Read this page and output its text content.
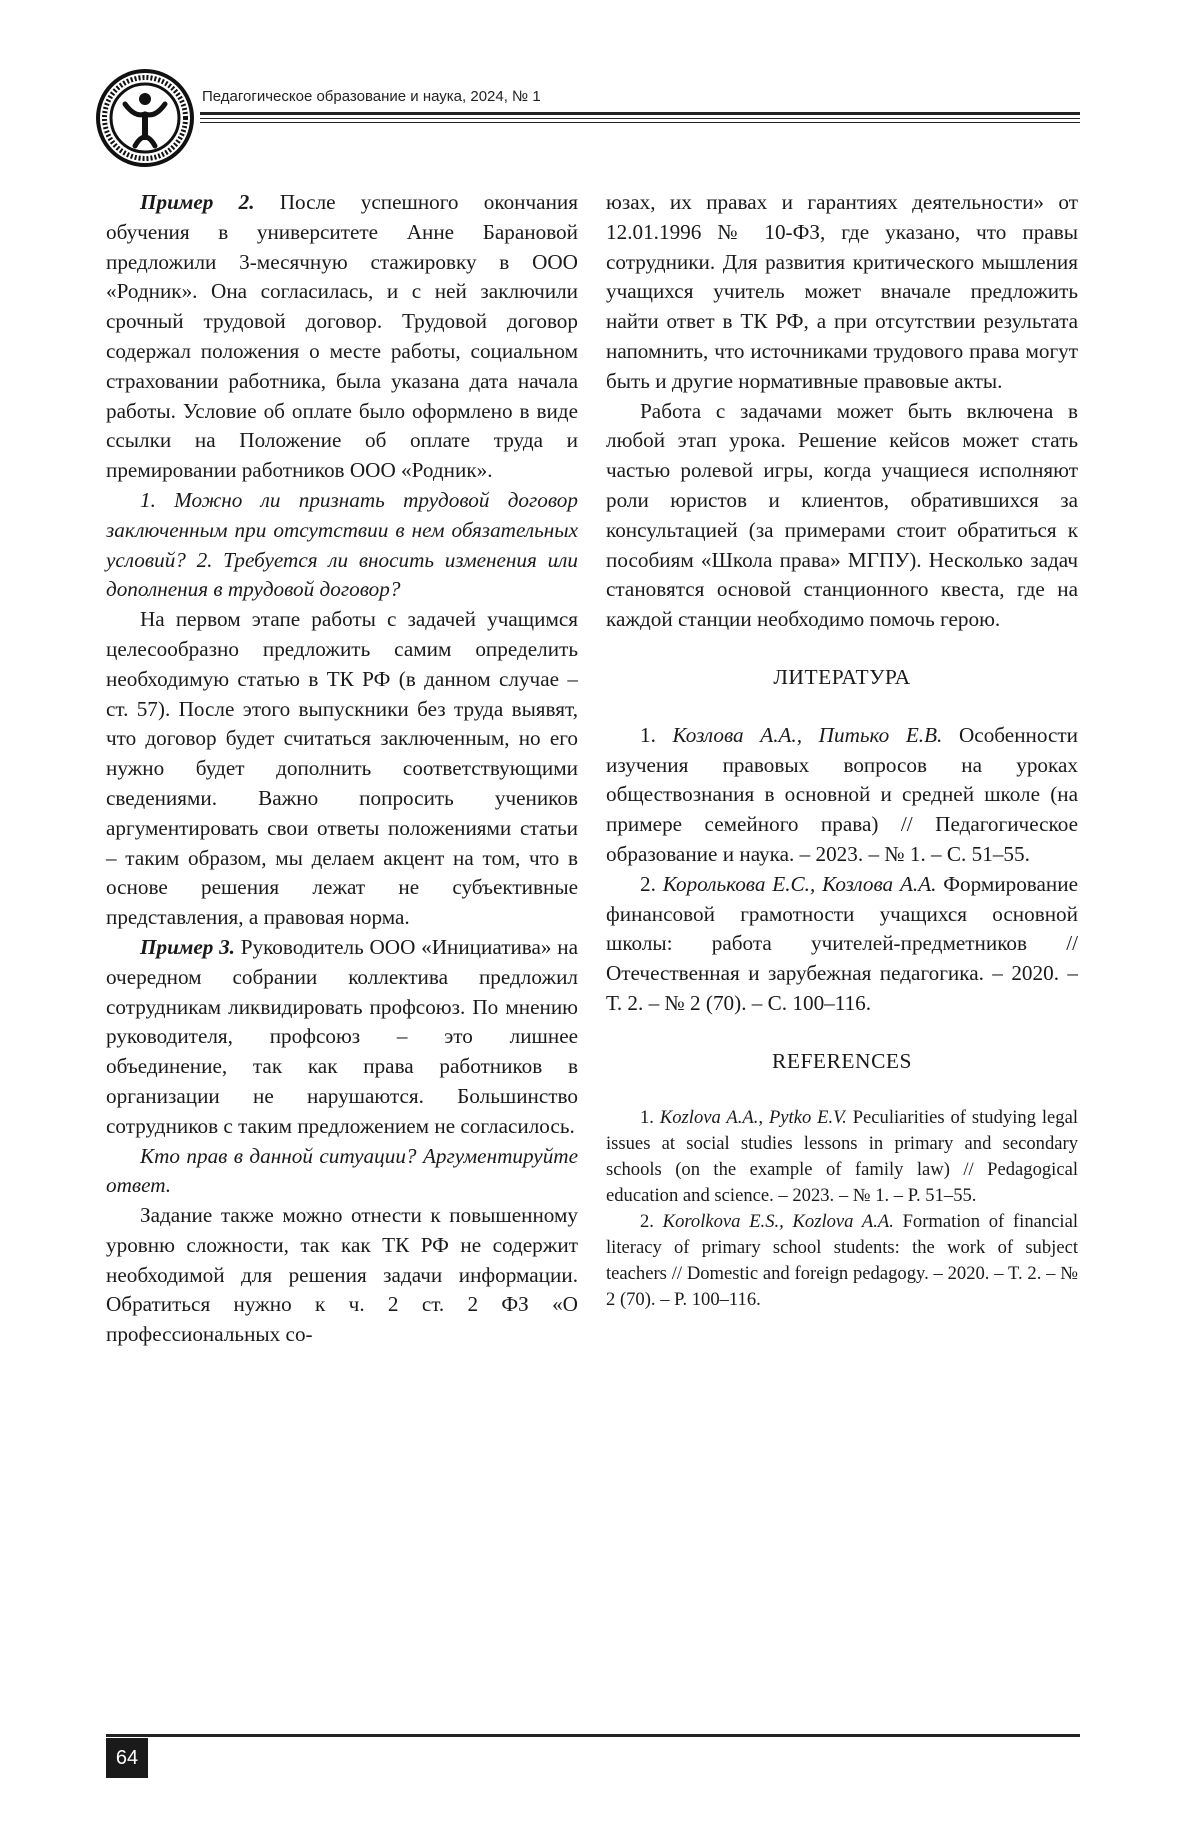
Педагогическое образование и наука, 2024, № 1

Пример 2. После успешного окончания обучения в университете Анне Барановой предложили 3-месячную стажировку в ООО «Родник». Она согласилась, и с ней заключили срочный трудовой договор. Трудовой договор содержал положения о месте работы, социальном страховании работника, была указана дата начала работы. Условие об оплате было оформлено в виде ссылки на Положение об оплате труда и премировании работников ООО «Родник».

1. Можно ли признать трудовой договор заключенным при отсутствии в нем обязательных условий? 2. Требуется ли вносить изменения или дополнения в трудовой договор?

На первом этапе работы с задачей учащимся целесообразно предложить самим определить необходимую статью в ТК РФ (в данном случае – ст. 57). После этого выпускники без труда выявят, что договор будет считаться заключенным, но его нужно будет дополнить соответствующими сведениями. Важно попросить учеников аргументировать свои ответы положениями статьи – таким образом, мы делаем акцент на том, что в основе решения лежат не субъективные представления, а правовая норма.

Пример 3. Руководитель ООО «Инициатива» на очередном собрании коллектива предложил сотрудникам ликвидировать профсоюз. По мнению руководителя, профсоюз – это лишнее объединение, так как права работников в организации не нарушаются. Большинство сотрудников с таким предложением не согласилось.

Кто прав в данной ситуации? Аргументируйте ответ.

Задание также можно отнести к повышенному уровню сложности, так как ТК РФ не содержит необходимой для решения задачи информации. Обратиться нужно к ч. 2 ст. 2 ФЗ «О профессиональных со-

юзах, их правах и гарантиях деятельности» от 12.01.1996 № 10-ФЗ, где указано, что правы сотрудники. Для развития критического мышления учащихся учитель может вначале предложить найти ответ в ТК РФ, а при отсутствии результата напомнить, что источниками трудового права могут быть и другие нормативные правовые акты.

Работа с задачами может быть включена в любой этап урока. Решение кейсов может стать частью ролевой игры, когда учащиеся исполняют роли юристов и клиентов, обратившихся за консультацией (за примерами стоит обратиться к пособиям «Школа права» МГПУ). Несколько задач становятся основой станционного квеста, где на каждой станции необходимо помочь герою.

ЛИТЕРАТУРА

1. Козлова А.А., Питько Е.В. Особенности изучения правовых вопросов на уроках обществознания в основной и средней школе (на примере семейного права) // Педагогическое образование и наука. – 2023. – № 1. – С. 51–55.

2. Королькова Е.С., Козлова А.А. Формирование финансовой грамотности учащихся основной школы: работа учителей-предметников // Отечественная и зарубежная педагогика. – 2020. – Т. 2. – № 2 (70). – С. 100–116.

REFERENCES

1. Kozlova A.A., Pytko E.V. Peculiarities of studying legal issues at social studies lessons in primary and secondary schools (on the example of family law) // Pedagogical education and science. – 2023. – № 1. – P. 51–55.

2. Korolkova E.S., Kozlova A.A. Formation of financial literacy of primary school students: the work of subject teachers // Domestic and foreign pedagogy. – 2020. – T. 2. – № 2 (70). – P. 100–116.

64
